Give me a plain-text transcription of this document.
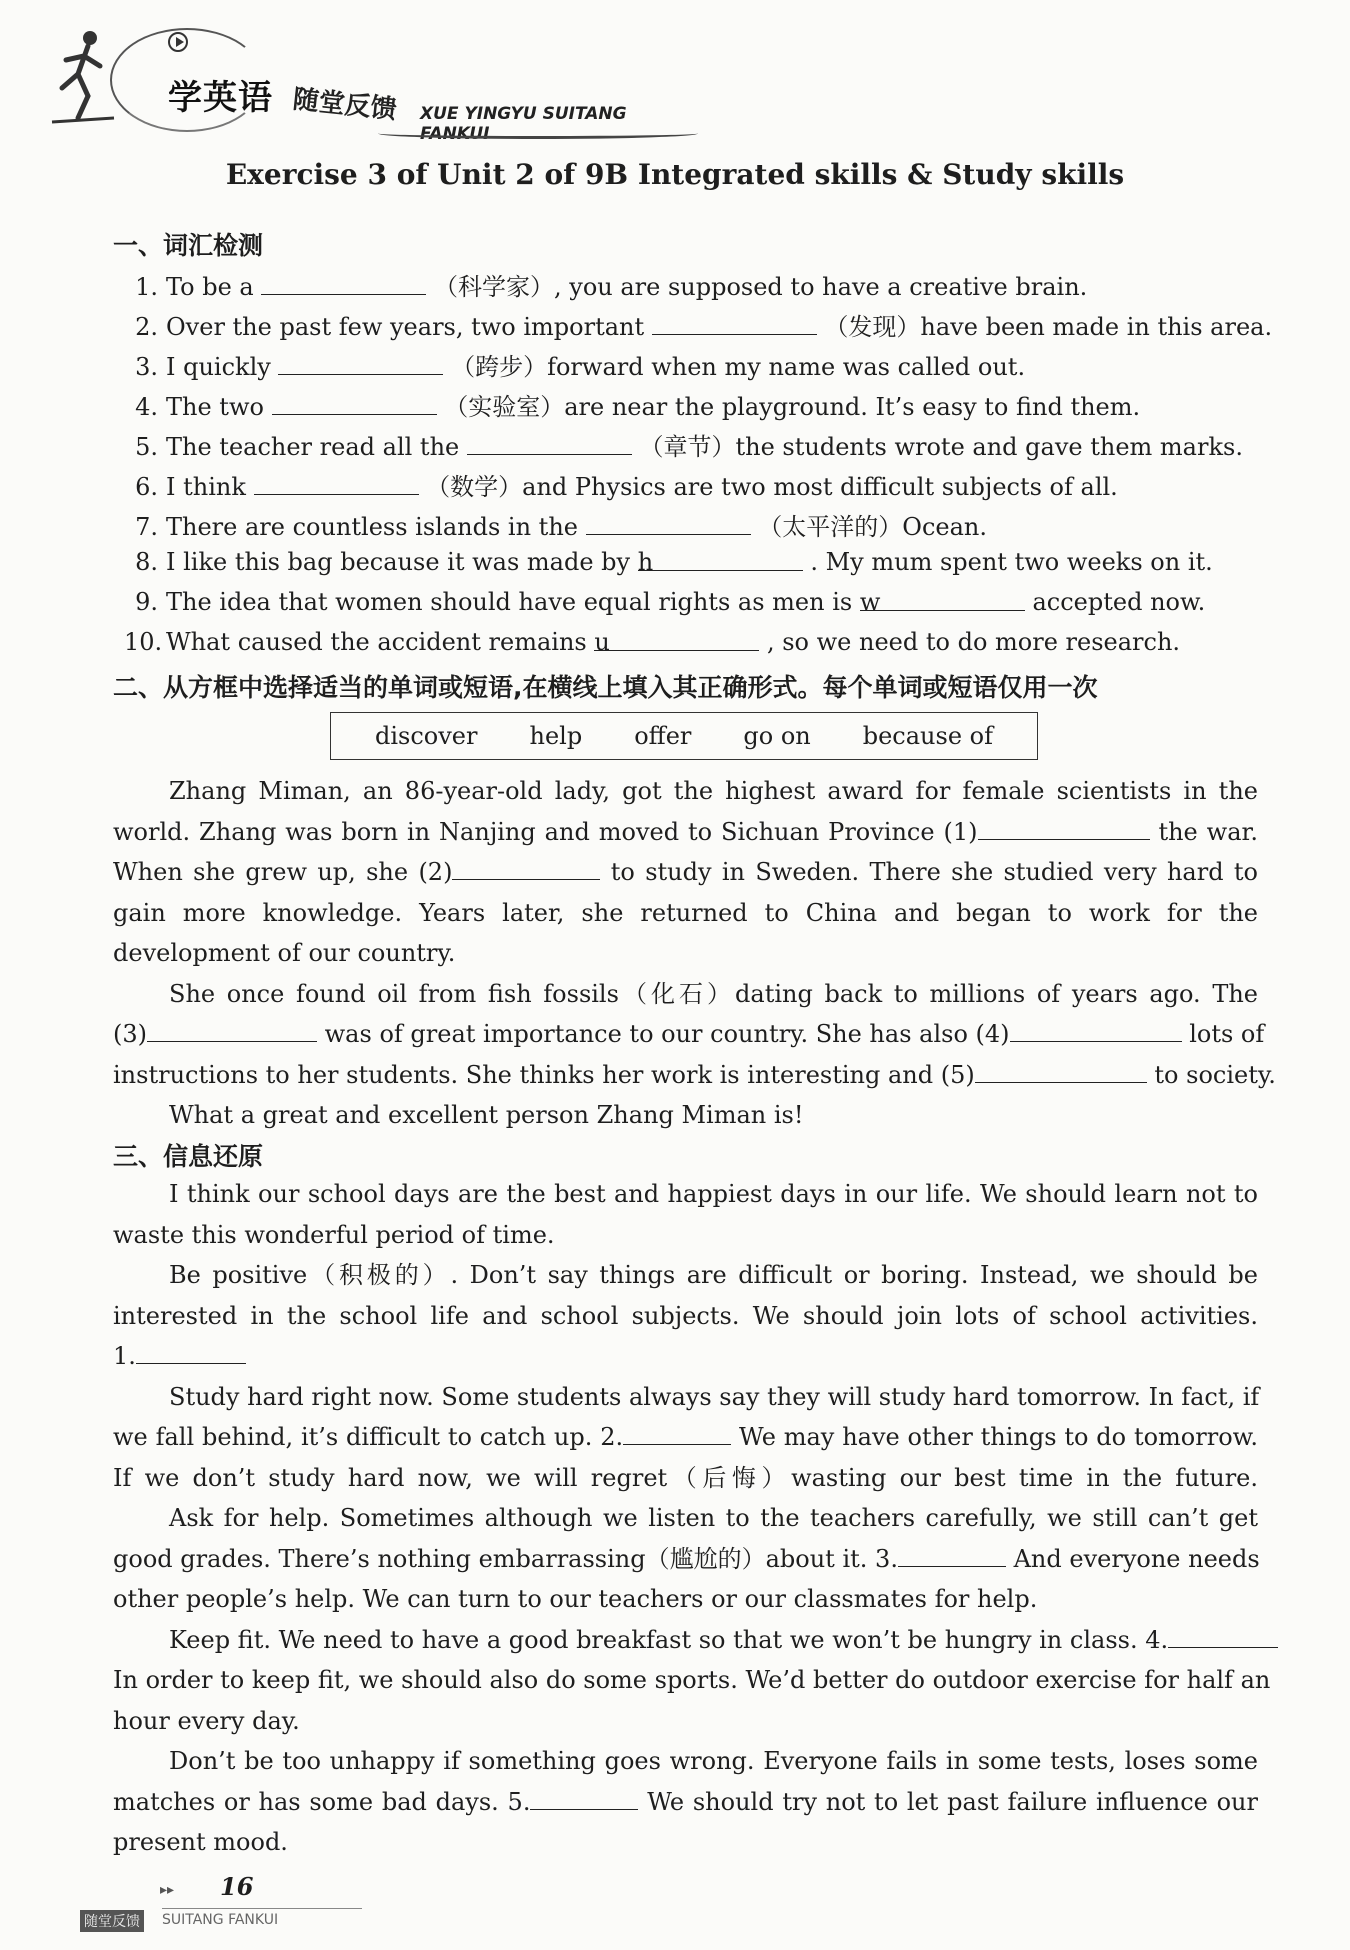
学英语 随堂反馈 XUE YINGYU SUITANG FANKUI
Exercise 3 of Unit 2 of 9B Integrated skills & Study skills
一、词汇检测
1. To be a	（科学家）, you are supposed to have a creative brain.
2. Over the past few years, two important	（发现）have been made in this area.
3. I quickly	（跨步）forward when my name was called out.
4. The two	（实验室）are near the playground. It’s easy to find them.
5. The teacher read all the	（章节）the students wrote and gave them marks.
6. I think	（数学）and Physics are two most difficult subjects of all.
7. There are countless islands in the	（太平洋的）Ocean.
8. I like this bag because it was made by h	. My mum spent two weeks on it.
9. The idea that women should have equal rights as men is w	accepted now.
10. What caused the accident remains u	, so we need to do more research.
二、从方框中选择适当的单词或短语,在横线上填入其正确形式。每个单词或短语仅用一次
discover help offer go on because of
Zhang Miman, an 86-year-old lady, got the highest award for female scientists in the
world. Zhang was born in Nanjing and moved to Sichuan Province (1)	the war.
When she grew up, she (2)	to study in Sweden. There she studied very hard to
gain more knowledge. Years later, she returned to China and began to work for the
development of our country.
She once found oil from fish fossils（化石）dating back to millions of years ago. The
(3)	was of great importance to our country. She has also (4)	lots of
instructions to her students. She thinks her work is interesting and (5)	to society.
What a great and excellent person Zhang Miman is!
三、信息还原
I think our school days are the best and happiest days in our life. We should learn not to
waste this wonderful period of time.
Be positive（积极的）. Don’t say things are difficult or boring. Instead, we should be
interested in the school life and school subjects. We should join lots of school activities.
1.
Study hard right now. Some students always say they will study hard tomorrow. In fact, if
we fall behind, it’s difficult to catch up. 2.	We may have other things to do tomorrow.
If we don’t study hard now, we will regret（后悔）wasting our best time in the future.
Ask for help. Sometimes although we listen to the teachers carefully, we still can’t get
good grades. There’s nothing embarrassing（尴尬的）about it. 3.	And everyone needs
other people’s help. We can turn to our teachers or our classmates for help.
Keep fit. We need to have a good breakfast so that we won’t be hungry in class. 4.
In order to keep fit, we should also do some sports. We’d better do outdoor exercise for half an
hour every day.
Don’t be too unhappy if something goes wrong. Everyone fails in some tests, loses some
matches or has some bad days. 5.	We should try not to let past failure influence our
present mood.
▸▸ 16
随堂反馈 SUITANG FANKUI
